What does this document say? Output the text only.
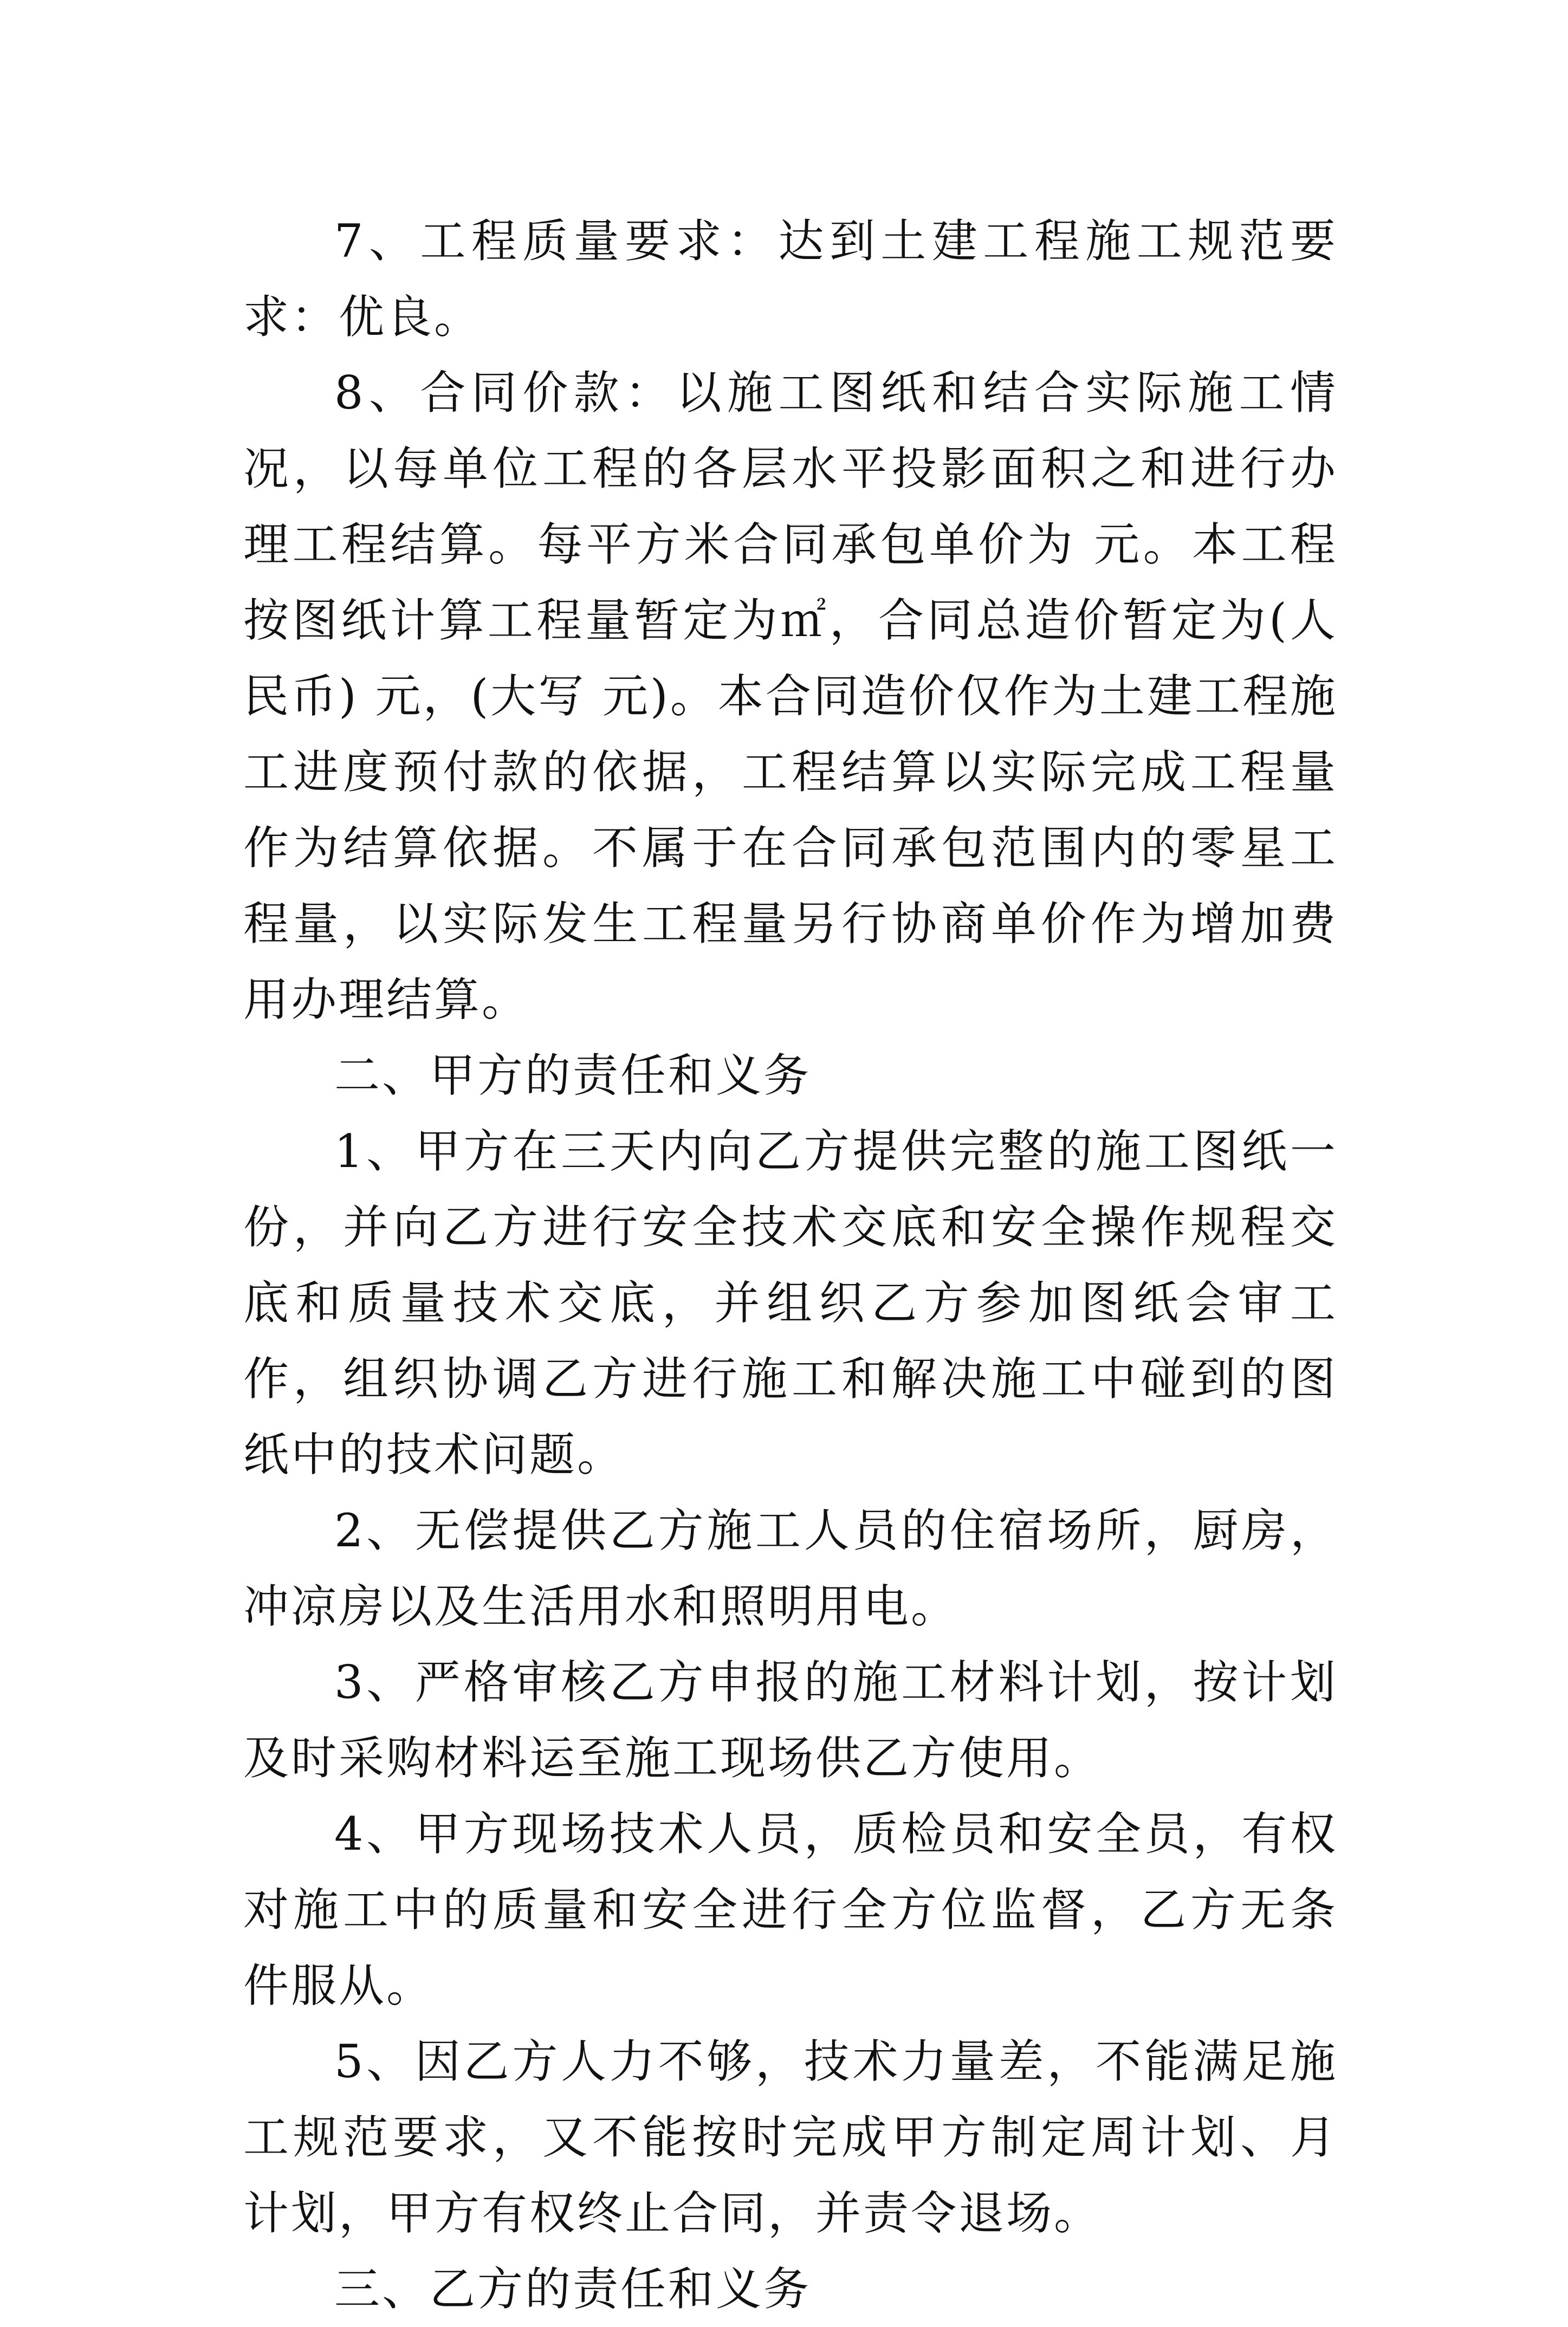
7、工程质量要求：达到土建工程施工规范要求：优良。

8、合同价款：以施工图纸和结合实际施工情况，以每单位工程的各层水平投影面积之和进行办理工程结算。每平方米合同承包单价为 元。本工程按图纸计算工程量暂定为㎡，合同总造价暂定为(人民币) 元，(大写 元)。本合同造价仅作为土建工程施工进度预付款的依据，工程结算以实际完成工程量作为结算依据。不属于在合同承包范围内的零星工程量，以实际发生工程量另行协商单价作为增加费用办理结算。

二、甲方的责任和义务

1、甲方在三天内向乙方提供完整的施工图纸一份，并向乙方进行安全技术交底和安全操作规程交底和质量技术交底，并组织乙方参加图纸会审工作，组织协调乙方进行施工和解决施工中碰到的图纸中的技术问题。

2、无偿提供乙方施工人员的住宿场所，厨房，冲凉房以及生活用水和照明用电。

3、严格审核乙方申报的施工材料计划，按计划及时采购材料运至施工现场供乙方使用。

4、甲方现场技术人员，质检员和安全员，有权对施工中的质量和安全进行全方位监督，乙方无条件服从。

5、因乙方人力不够，技术力量差，不能满足施工规范要求，又不能按时完成甲方制定周计划、月计划，甲方有权终止合同，并责令退场。

三、乙方的责任和义务
